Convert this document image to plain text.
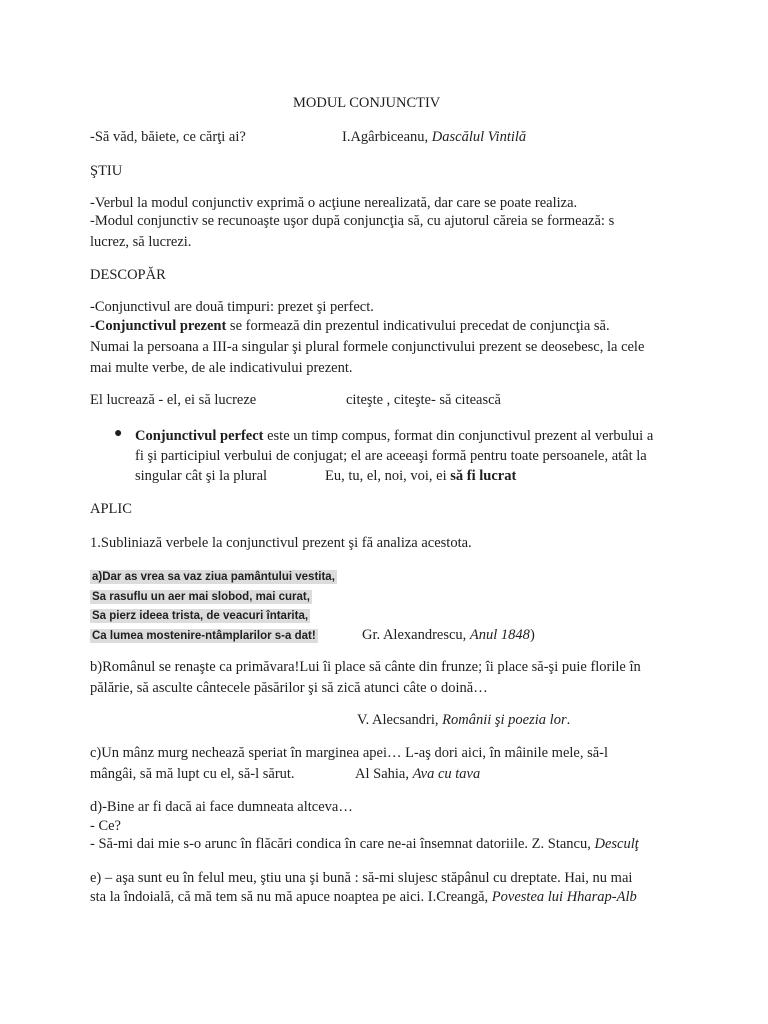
MODUL CONJUNCTIV
-Să văd, băiete, ce cărţi ai?	I.Agârbiceanu, Dascălul Vintilă
ŞTIU
-Verbul la modul conjunctiv exprimă o acţiune nerealizată, dar care se poate realiza.
-Modul conjunctiv se recunoaşte uşor după conjuncţia să, cu ajutorul căreia se formează: s
lucrez, să lucrezi.
DESCOPĂR
-Conjunctivul are două timpuri: prezet şi perfect.
-Conjunctivul prezent se formează din prezentul indicativului precedat de conjuncţia să.
Numai la persoana a III-a singular şi plural formele conjunctivului prezent se deosebesc, la cele
mai multe verbe, de ale indicativului prezent.
El lucrează - el, ei să lucreze	citeşte , citeşte- să citească
● Conjunctivul perfect este un timp compus, format din conjunctivul prezent al verbului a
fi şi participiul verbului de conjugat; el are aceeaşi formă pentru toate persoanele, atât la
singular cât şi la plural	Eu, tu, el, noi, voi, ei să fi lucrat
APLIC
1.Subliniază verbele la conjunctivul prezent şi fă analiza acestota.
a)Dar as vrea sa vaz ziua pamântului vestita,
Sa rasuflu un aer mai slobod, mai curat,
Sa pierz ideea trista, de veacuri întarita,
Ca lumea mostenire-ntâmplarilor s-a dat!	Gr. Alexandrescu, Anul 1848)
b)Românul se renaşte ca primăvara!Lui îi place să cânte din frunze; îi place să-şi puie florile în
pălărie, să asculte cântecele păsărilor şi să zică atunci câte o doină…
V. Alecsandri, Românii şi poezia lor.
c)Un mânz murg nechează speriat în marginea apei… L-aş dori aici, în mâinile mele, să-l
mângâi, să mă lupt cu el, să-l sărut.	Al Sahia, Ava cu tava
d)-Bine ar fi dacă ai face dumneata altceva…
- Ce?
- Să-mi dai mie s-o arunc în flăcări condica în care ne-ai însemnat datoriile. Z. Stancu, Desculţ
e) – aşa sunt eu în felul meu, ştiu una şi bună : să-mi slujesc stăpânul cu dreptate. Hai, nu mai
sta la îndoială, că mă tem să nu mă apuce noaptea pe aici. I.Creangă, Povestea lui Hharap-Alb
